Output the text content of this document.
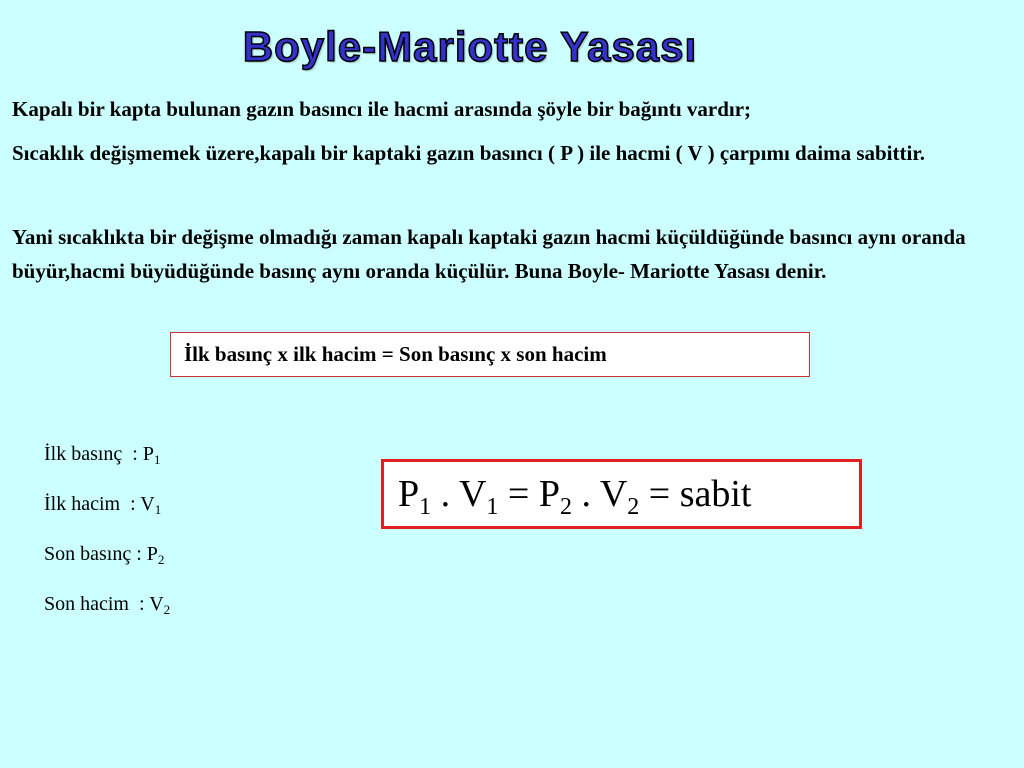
Boyle-Mariotte Yasası

Kapalı bir kapta bulunan gazın basıncı ile hacmi arasında şöyle bir bağıntı vardır;

Sıcaklık değişmemek üzere,kapalı bir kaptaki gazın basıncı ( P ) ile hacmi ( V ) çarpımı daima sabittir.

Yani sıcaklıkta bir değişme olmadığı zaman kapalı kaptaki gazın hacmi küçüldüğünde basıncı aynı oranda büyür,hacmi büyüdüğünde basınç aynı oranda küçülür. Buna Boyle- Mariotte Yasası denir.

İlk basınç x ilk hacim = Son basınç x son hacim
İlk basınç  : $P_1$
İlk hacim  : $V_1$
Son basınç : $P_2$
Son hacim  : $V_2$
$P_1$ . $V_1 = P_2$ . $V_2$ = sabit
